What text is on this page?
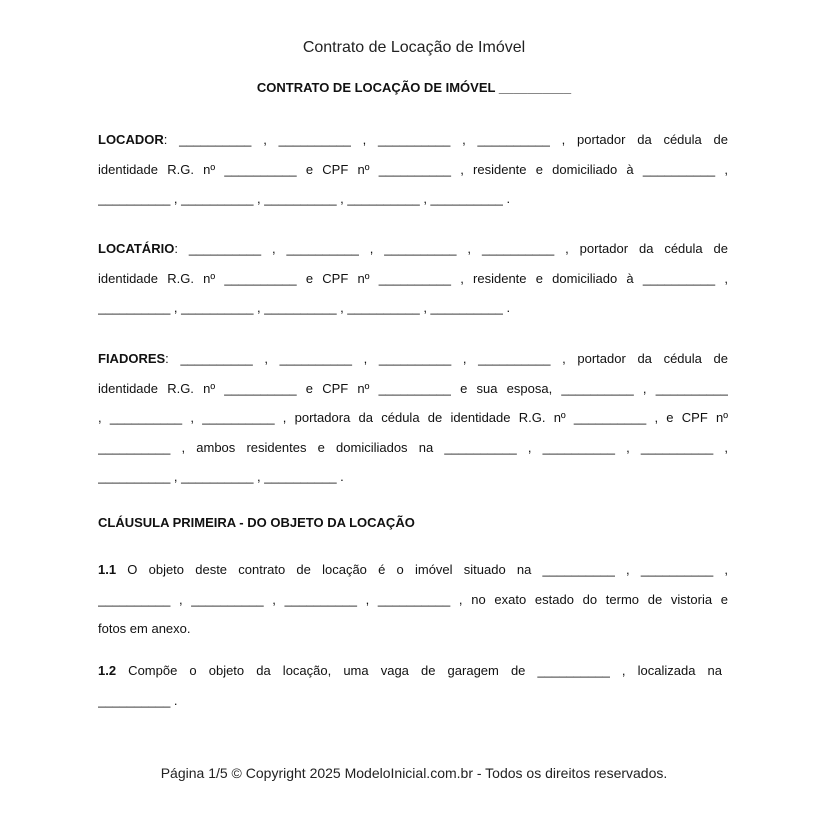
Contrato de Locação de Imóvel
CONTRATO DE LOCAÇÃO DE IMÓVEL __________
LOCADOR: __________ , __________ , __________ , __________ , portador da cédula de
identidade R.G. nº __________ e CPF nº __________ , residente e domiciliado à __________ ,
__________ , __________ , __________ , __________ , __________ .
LOCATÁRIO: __________ , __________ , __________ , __________ , portador da cédula de
identidade R.G. nº __________ e CPF nº __________ , residente e domiciliado à __________ ,
__________ , __________ , __________ , __________ , __________ .
FIADORES: __________ , __________ , __________ , __________ , portador da cédula de
identidade R.G. nº __________ e CPF nº __________ e sua esposa, __________ , __________
, __________ , __________ , portadora da cédula de identidade R.G. nº __________ , e CPF nº
__________ , ambos residentes e domiciliados na __________ , __________ , __________ ,
__________ , __________ , __________ .
CLÁUSULA PRIMEIRA - DO OBJETO DA LOCAÇÃO
1.1 O objeto deste contrato de locação é o imóvel situado na __________ , __________ ,
__________ , __________ , __________ , __________ , no exato estado do termo de vistoria e
fotos em anexo.
1.2 Compõe o objeto da locação, uma vaga de garagem de __________ , localizada na
__________ .
Página 1/5 © Copyright 2025 ModeloInicial.com.br - Todos os direitos reservados.
